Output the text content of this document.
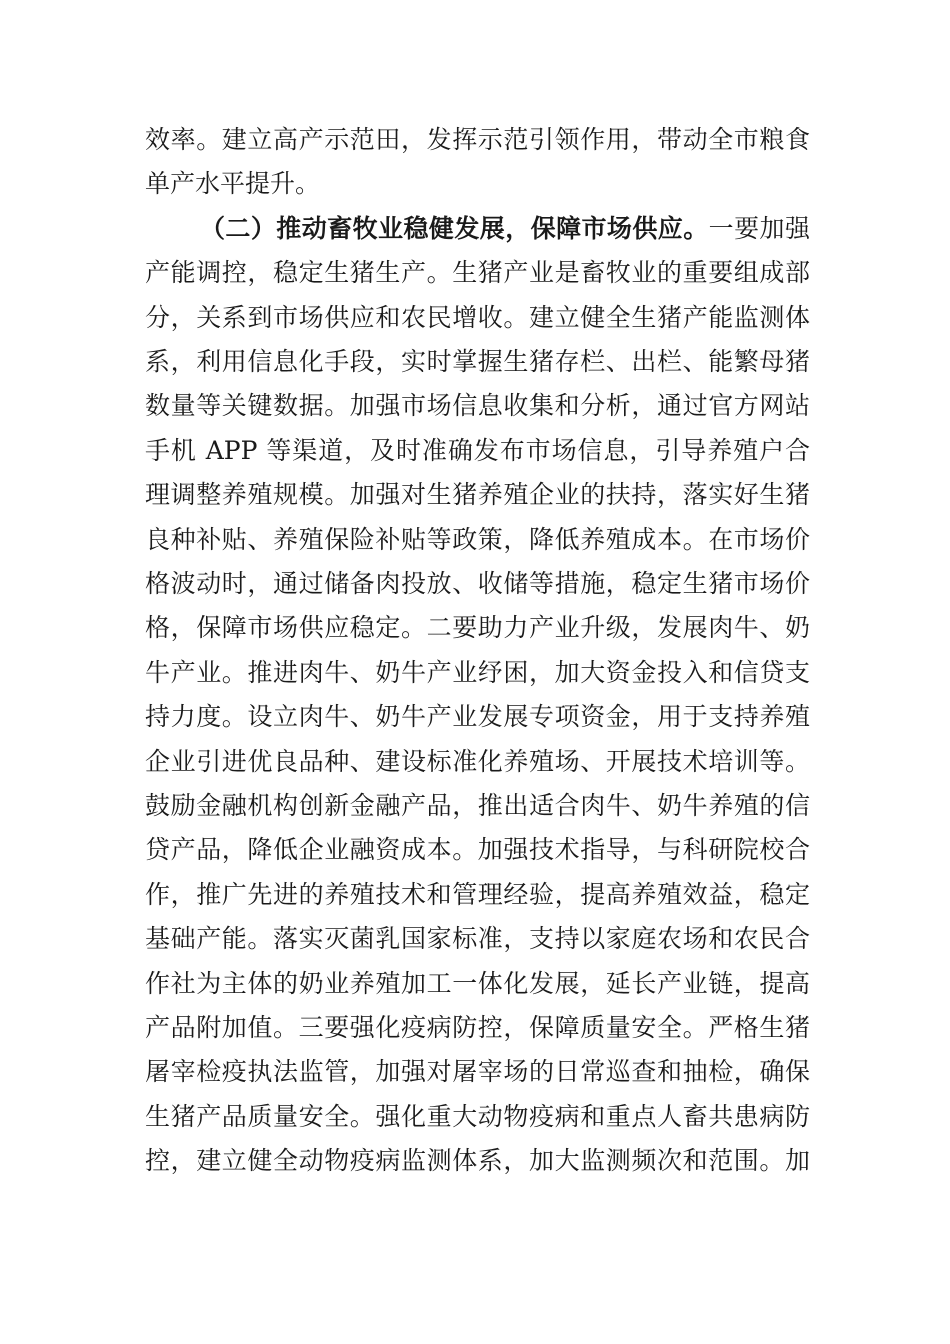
效率。建立高产示范田，发挥示范引领作用，带动全市粮食
单产水平提升。
（二）推动畜牧业稳健发展，保障市场供应。一要加强
产能调控，稳定生猪生产。生猪产业是畜牧业的重要组成部
分，关系到市场供应和农民增收。建立健全生猪产能监测体
系，利用信息化手段，实时掌握生猪存栏、出栏、能繁母猪
数量等关键数据。加强市场信息收集和分析，通过官方网站
手机 APP 等渠道，及时准确发布市场信息，引导养殖户合
理调整养殖规模。加强对生猪养殖企业的扶持，落实好生猪
良种补贴、养殖保险补贴等政策，降低养殖成本。在市场价
格波动时，通过储备肉投放、收储等措施，稳定生猪市场价
格，保障市场供应稳定。二要助力产业升级，发展肉牛、奶
牛产业。推进肉牛、奶牛产业纾困，加大资金投入和信贷支
持力度。设立肉牛、奶牛产业发展专项资金，用于支持养殖
企业引进优良品种、建设标准化养殖场、开展技术培训等。
鼓励金融机构创新金融产品，推出适合肉牛、奶牛养殖的信
贷产品，降低企业融资成本。加强技术指导，与科研院校合
作，推广先进的养殖技术和管理经验，提高养殖效益，稳定
基础产能。落实灭菌乳国家标准，支持以家庭农场和农民合
作社为主体的奶业养殖加工一体化发展，延长产业链，提高
产品附加值。三要强化疫病防控，保障质量安全。严格生猪
屠宰检疫执法监管，加强对屠宰场的日常巡查和抽检，确保
生猪产品质量安全。强化重大动物疫病和重点人畜共患病防
控，建立健全动物疫病监测体系，加大监测频次和范围。加
